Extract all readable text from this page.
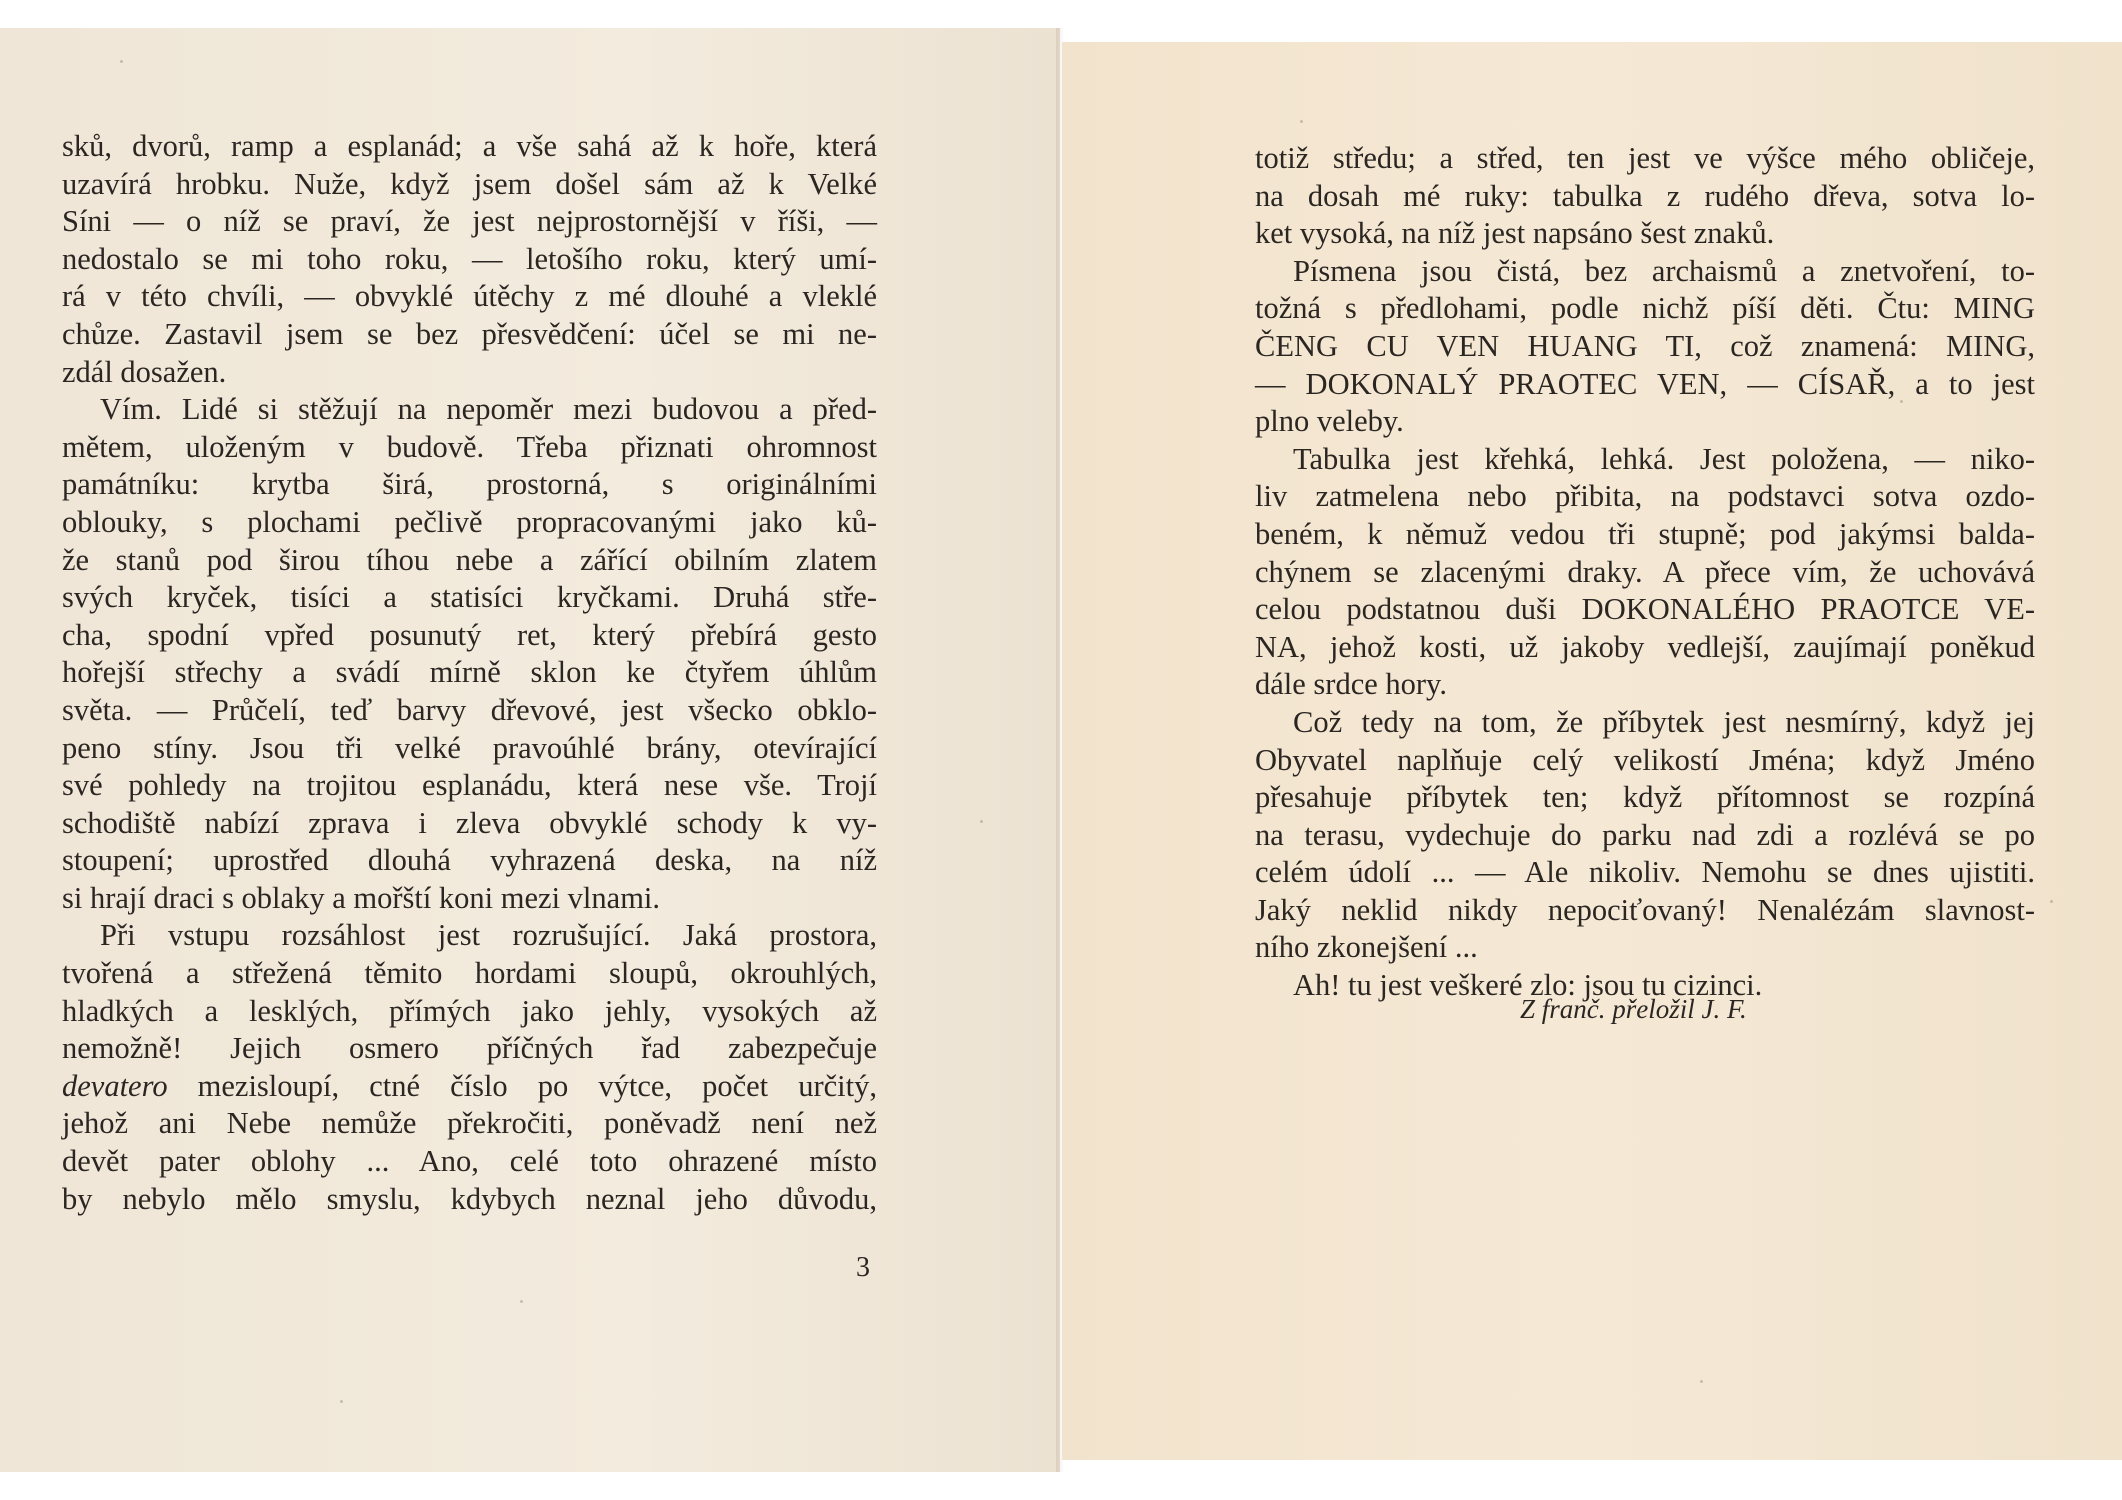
sků, dvorů, ramp a esplanád; a vše sahá až k hoře, která
uzavírá hrobku. Nuže, když jsem došel sám až k Velké
Síni — o níž se praví, že jest nejprostornější v říši, —
nedostalo se mi toho roku, — letošího roku, který umí-
rá v této chvíli, — obvyklé útěchy z mé dlouhé a vleklé
chůze. Zastavil jsem se bez přesvědčení: účel se mi ne-
zdál dosažen.
Vím. Lidé si stěžují na nepoměr mezi budovou a před-
mětem, uloženým v budově. Třeba přiznati ohromnost
památníku: krytba širá, prostorná, s originálními
oblouky, s plochami pečlivě propracovanými jako ků-
že stanů pod širou tíhou nebe a zářící obilním zlatem
svých kryček, tisíci a statisíci kryčkami. Druhá stře-
cha, spodní vpřed posunutý ret, který přebírá gesto
hořejší střechy a svádí mírně sklon ke čtyřem úhlům
světa. — Průčelí, teď barvy dřevové, jest všecko obklo-
peno stíny. Jsou tři velké pravoúhlé brány, otevírající
své pohledy na trojitou esplanádu, která nese vše. Trojí
schodiště nabízí zprava i zleva obvyklé schody k vy-
stoupení; uprostřed dlouhá vyhrazená deska, na níž
si hrají draci s oblaky a mořští koni mezi vlnami.
Při vstupu rozsáhlost jest rozrušující. Jaká prostora,
tvořená a střežená těmito hordami sloupů, okrouhlých,
hladkých a lesklých, přímých jako jehly, vysokých až
nemožně! Jejich osmero příčných řad zabezpečuje
devatero mezisloupí, ctné číslo po výtce, počet určitý,
jehož ani Nebe nemůže překročiti, poněvadž není než
devět pater oblohy ... Ano, celé toto ohrazené místo
by nebylo mělo smyslu, kdybych neznal jeho důvodu,
3
totiž středu; a střed, ten jest ve výšce mého obličeje,
na dosah mé ruky: tabulka z rudého dřeva, sotva lo-
ket vysoká, na níž jest napsáno šest znaků.
Písmena jsou čistá, bez archaismů a znetvoření, to-
tožná s předlohami, podle nichž píší děti. Čtu: MING
ČENG CU VEN HUANG TI, což znamená: MING,
— DOKONALÝ PRAOTEC VEN, — CÍSAŘ, a to jest
plno veleby.
Tabulka jest křehká, lehká. Jest položena, — niko-
liv zatmelena nebo přibita, na podstavci sotva ozdo-
beném, k němuž vedou tři stupně; pod jakýmsi balda-
chýnem se zlacenými draky. A přece vím, že uchovává
celou podstatnou duši DOKONALÉHO PRAOTCE VE-
NA, jehož kosti, už jakoby vedlejší, zaujímají poněkud
dále srdce hory.
Což tedy na tom, že příbytek jest nesmírný, když jej
Obyvatel naplňuje celý velikostí Jména; když Jméno
přesahuje příbytek ten; když přítomnost se rozpíná
na terasu, vydechuje do parku nad zdi a rozlévá se po
celém údolí ... — Ale nikoliv. Nemohu se dnes ujistiti.
Jaký neklid nikdy nepociťovaný! Nenalézám slavnost-
ního zkonejšení ...
Ah! tu jest veškeré zlo: jsou tu cizinci.
Z franč. přeložil J. F.
